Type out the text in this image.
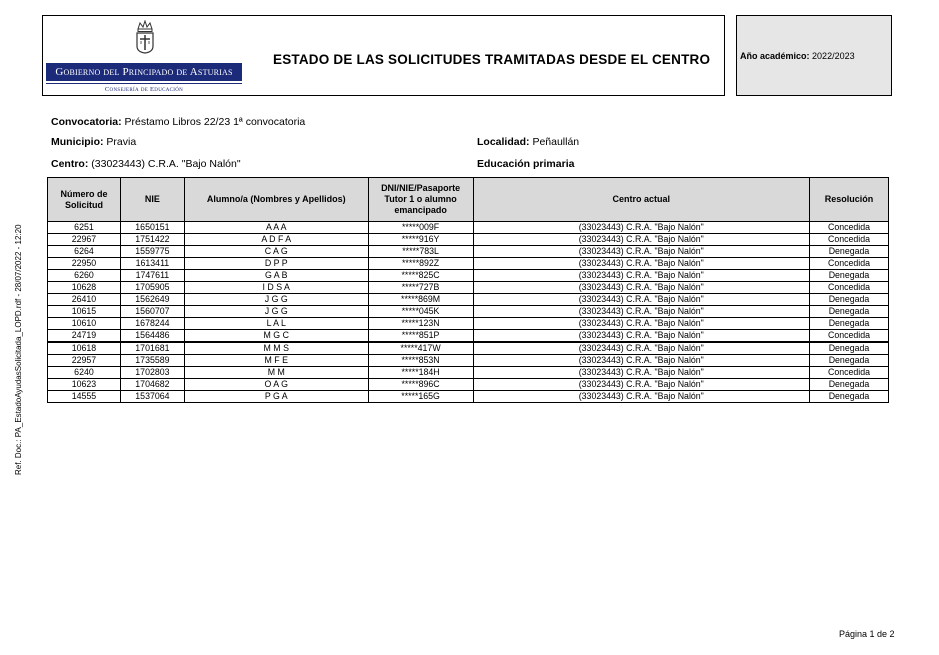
Gobierno del Principado de Asturias
Consejería de Educación
ESTADO DE LAS SOLICITUDES TRAMITADAS DESDE EL CENTRO	Año académico: 2022/2023
Ref. Doc.: PA_EstadoAyudasSolicitada_LOPD.rdf - 28/07/2022 - 12:20
Convocatoria: Préstamo Libros 22/23 1ª convocatoria
Municipio: Pravia	Localidad: Peñaullán
Centro: (33023443) C.R.A. "Bajo Nalón"	Educación primaria
Número de Solicitud	NIE	Alumno/a (Nombres y Apellidos)	DNI/NIE/Pasaporte Tutor 1 o alumno emancipado	Centro actual	Resolución
6251	1650151	A A A	*****009F	(33023443) C.R.A. "Bajo Nalón"	Concedida
22967	1751422	A D F A	*****916Y	(33023443) C.R.A. "Bajo Nalón"	Concedida
6264	1559775	C A G	*****783L	(33023443) C.R.A. "Bajo Nalón"	Denegada
22950	1613411	D P P	*****892Z	(33023443) C.R.A. "Bajo Nalón"	Concedida
6260	1747611	G A B	*****825C	(33023443) C.R.A. "Bajo Nalón"	Denegada
10628	1705905	I D S A	*****727B	(33023443) C.R.A. "Bajo Nalón"	Concedida
26410	1562649	J G G	*****869M	(33023443) C.R.A. "Bajo Nalón"	Denegada
10615	1560707	J G G	*****045K	(33023443) C.R.A. "Bajo Nalón"	Denegada
10610	1678244	L A L	*****123N	(33023443) C.R.A. "Bajo Nalón"	Denegada
24719	1564486	M G C	*****851P	(33023443) C.R.A. "Bajo Nalón"	Concedida
10618	1701681	M M S	*****417W	(33023443) C.R.A. "Bajo Nalón"	Denegada
22957	1735589	M F E	*****853N	(33023443) C.R.A. "Bajo Nalón"	Denegada
6240	1702803	M M	*****184H	(33023443) C.R.A. "Bajo Nalón"	Concedida
10623	1704682	O A G	*****896C	(33023443) C.R.A. "Bajo Nalón"	Denegada
14555	1537064	P G A	*****165G	(33023443) C.R.A. "Bajo Nalón"	Denegada
Página 1 de 2
